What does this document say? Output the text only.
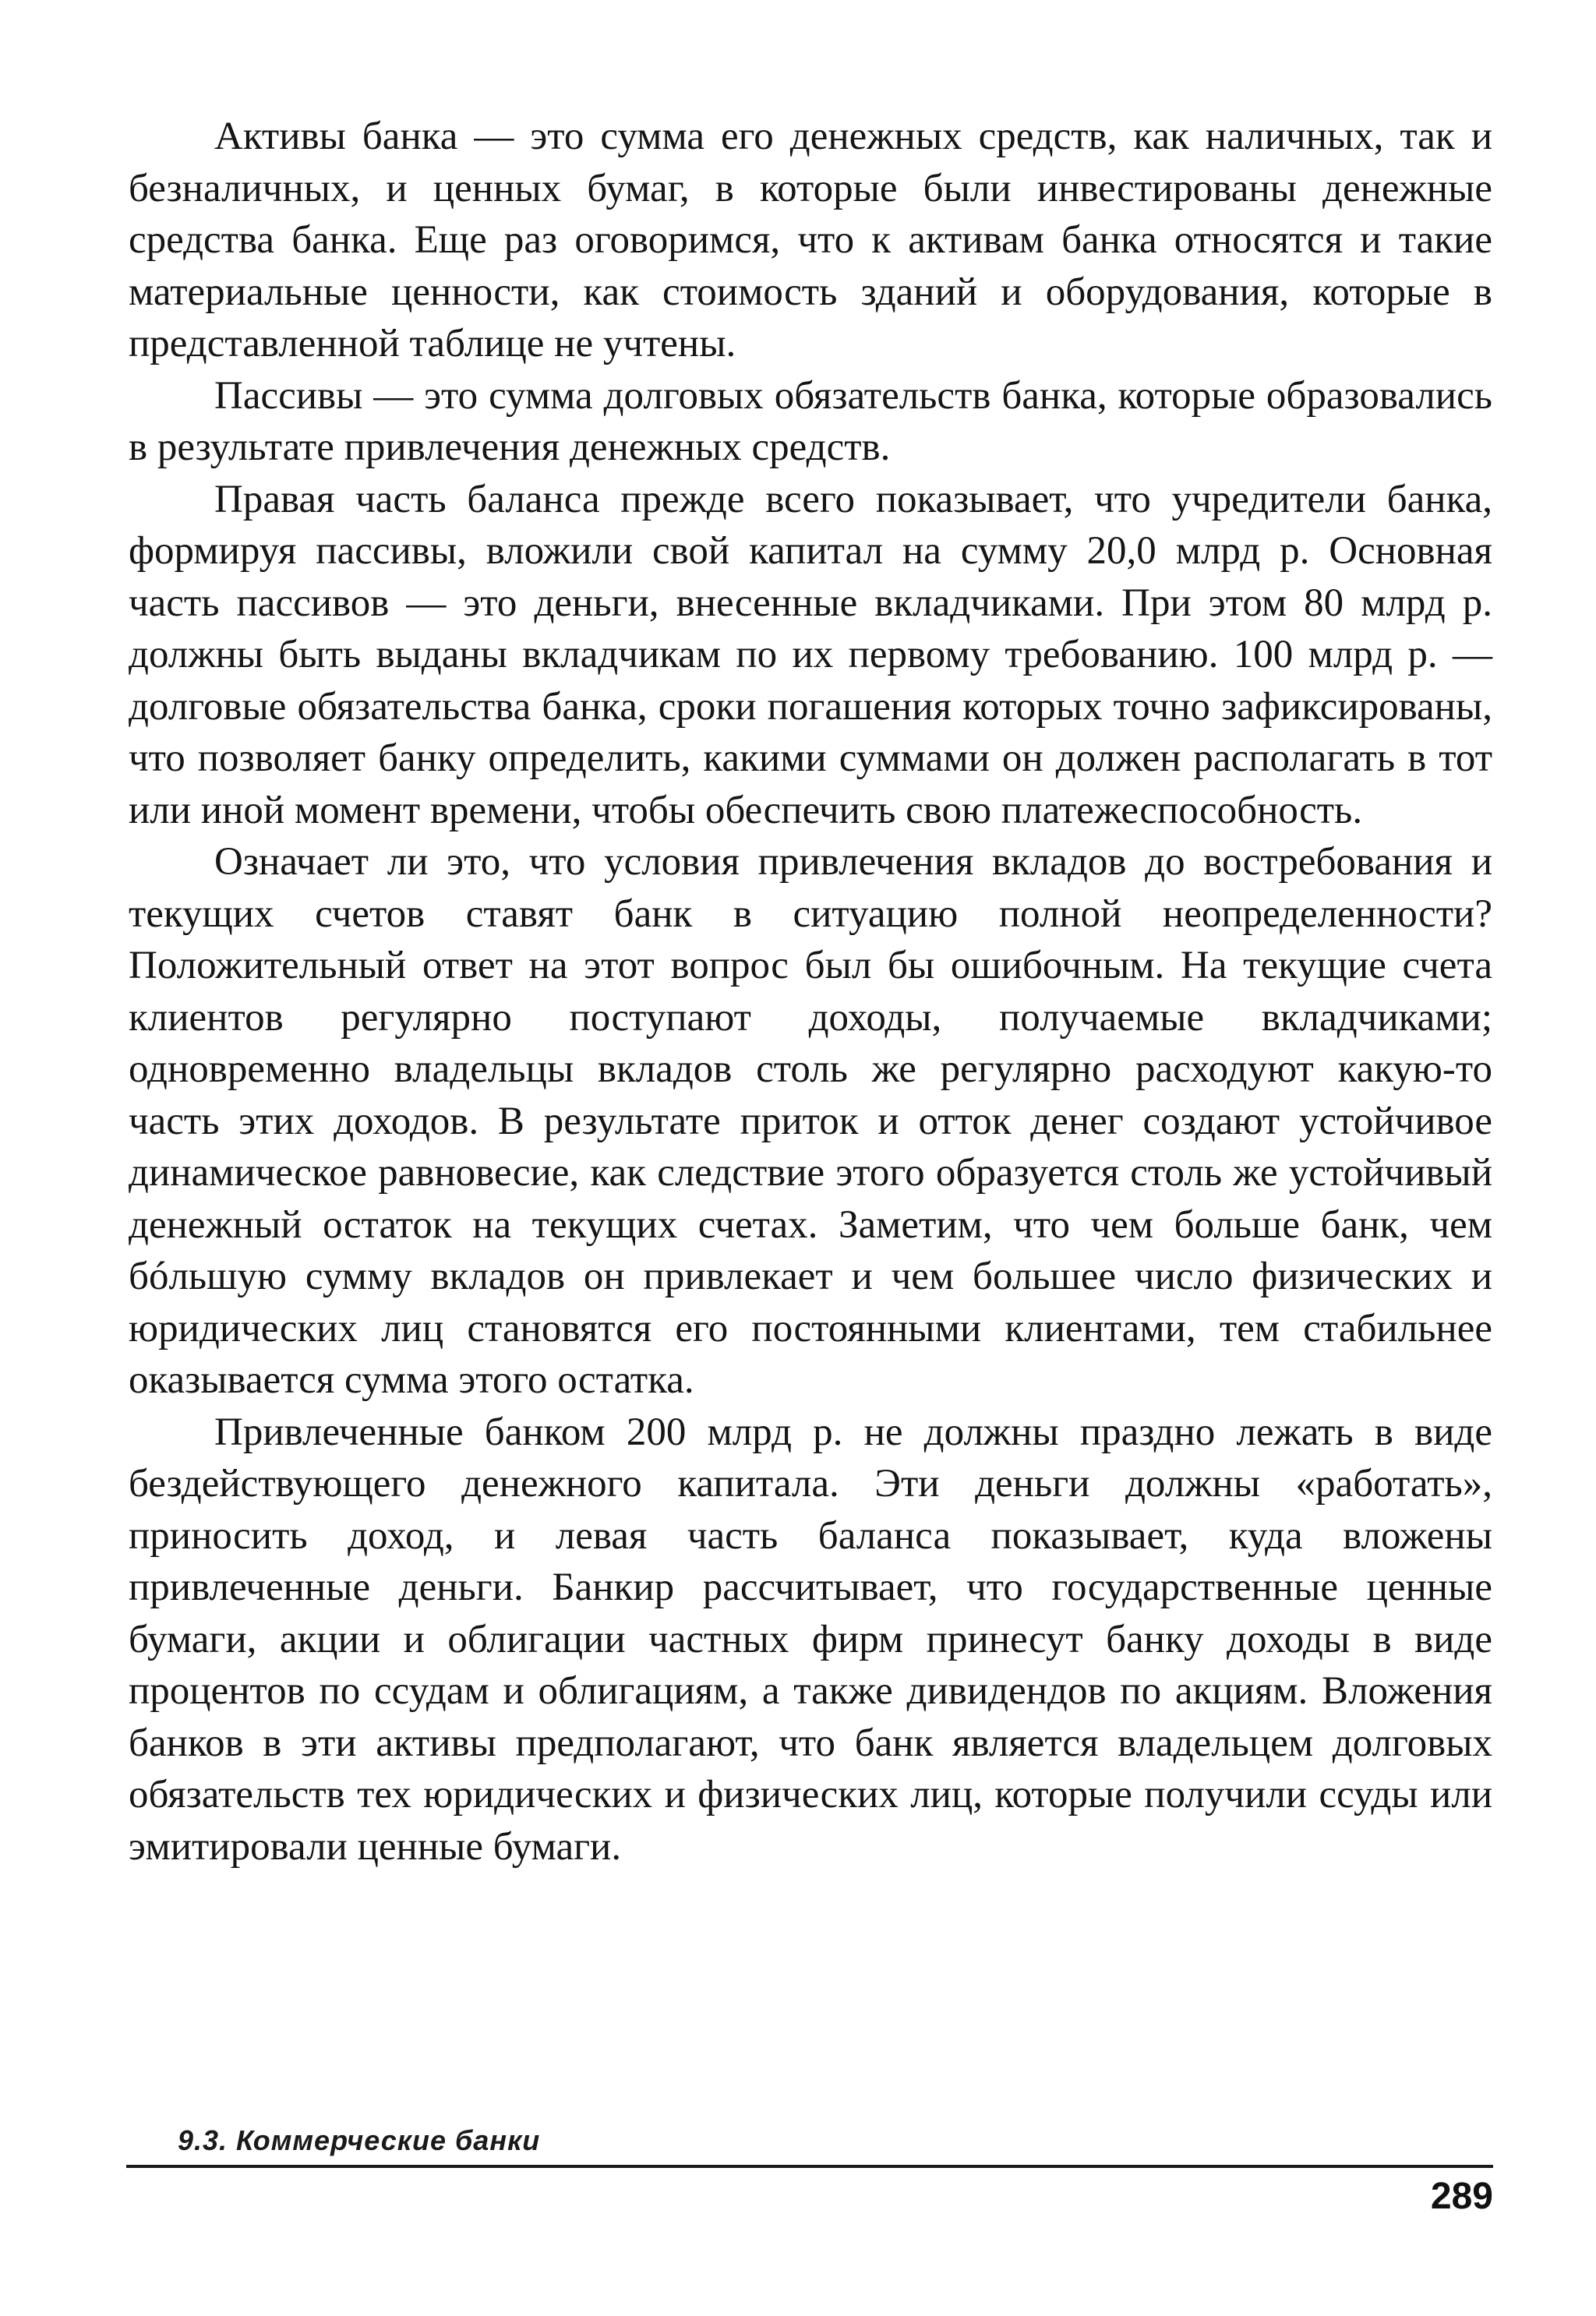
Активы банка — это сумма его денежных средств, как наличных, так и безналичных, и ценных бумаг, в которые были инвестированы денежные средства банка. Еще раз оговоримся, что к активам банка относятся и такие материальные ценности, как стоимость зданий и оборудования, которые в представленной таблице не учтены.

Пассивы — это сумма долговых обязательств банка, которые образовались в результате привлечения денежных средств.

Правая часть баланса прежде всего показывает, что учредители банка, формируя пассивы, вложили свой капитал на сумму 20,0 млрд р. Основная часть пассивов — это деньги, внесенные вкладчиками. При этом 80 млрд р. должны быть выданы вкладчикам по их первому требованию. 100 млрд р. — долговые обязательства банка, сроки погашения которых точно зафиксированы, что позволяет банку определить, какими суммами он должен располагать в тот или иной момент времени, чтобы обеспечить свою платежеспособность.

Означает ли это, что условия привлечения вкладов до востребования и текущих счетов ставят банк в ситуацию полной неопределенности? Положительный ответ на этот вопрос был бы ошибочным. На текущие счета клиентов регулярно поступают доходы, получаемые вкладчиками; одновременно владельцы вкладов столь же регулярно расходуют какую-то часть этих доходов. В результате приток и отток денег создают устойчивое динамическое равновесие, как следствие этого образуется столь же устойчивый денежный остаток на текущих счетах. Заметим, что чем больше банк, чем бóльшую сумму вкладов он привлекает и чем большее число физических и юридических лиц становятся его постоянными клиентами, тем стабильнее оказывается сумма этого остатка.

Привлеченные банком 200 млрд р. не должны праздно лежать в виде бездействующего денежного капитала. Эти деньги должны «работать», приносить доход, и левая часть баланса показывает, куда вложены привлеченные деньги. Банкир рассчитывает, что государственные ценные бумаги, акции и облигации частных фирм принесут банку доходы в виде процентов по ссудам и облигациям, а также дивидендов по акциям. Вложения банков в эти активы предполагают, что банк является владельцем долговых обязательств тех юридических и физических лиц, которые получили ссуды или эмитировали ценные бумаги.

9.3. Коммерческие банки
289
